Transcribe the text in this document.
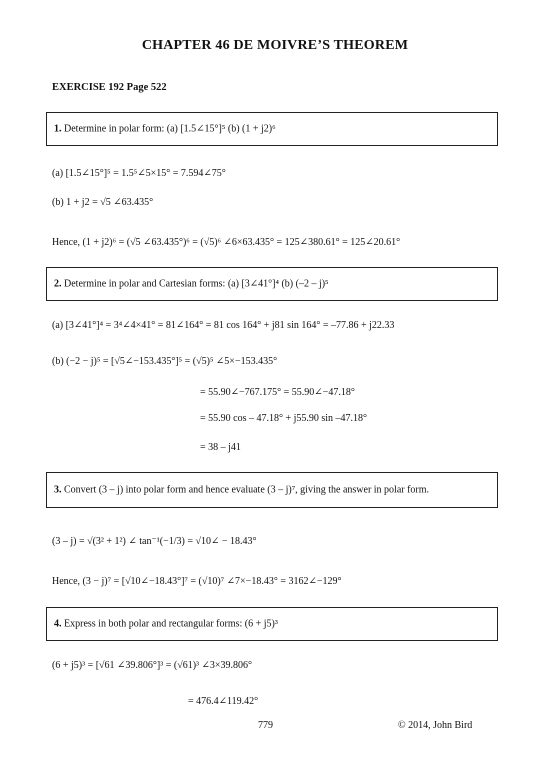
CHAPTER 46 DE MOIVRE’S THEOREM
EXERCISE 192 Page 522
1. Determine in polar form: (a) [1.5∠15°]⁵ (b) (1 + j2)⁶
(a) [1.5∠15°]⁵ = 1.5⁵∠5×15° = 7.594∠75°
(b) 1 + j2 = √5 ∠63.435°
Hence, (1 + j2)⁶ = (√5 ∠63.435°)⁶ = (√5)⁶ ∠6×63.435° = 125∠380.61° = 125∠20.61°
2. Determine in polar and Cartesian forms: (a) [3∠41°]⁴ (b) (–2 – j)⁵
(a) [3∠41°]⁴ = 3⁴∠4×41° = 81∠164° = 81 cos 164° + j81 sin 164° = –77.86 + j22.33
(b) (−2 − j)⁵ = [√5∠−153.435°]⁵ = (√5)⁵ ∠5×−153.435°
= 55.90∠−767.175° = 55.90∠−47.18°
= 55.90 cos – 47.18° + j55.90 sin –47.18°
= 38 – j41
3. Convert (3 – j) into polar form and hence evaluate (3 – j)⁷, giving the answer in polar form.
(3 – j) = √(3² + 1²) ∠ tan⁻¹(−1/3) = √10∠ − 18.43°
Hence, (3 − j)⁷ = [√10∠−18.43°]⁷ = (√10)⁷ ∠7×−18.43° = 3162∠−129°
4. Express in both polar and rectangular forms: (6 + j5)³
(6 + j5)³ = [√61 ∠39.806°]³ = (√61)³ ∠3×39.806°
= 476.4∠119.42°
779	© 2014, John Bird
